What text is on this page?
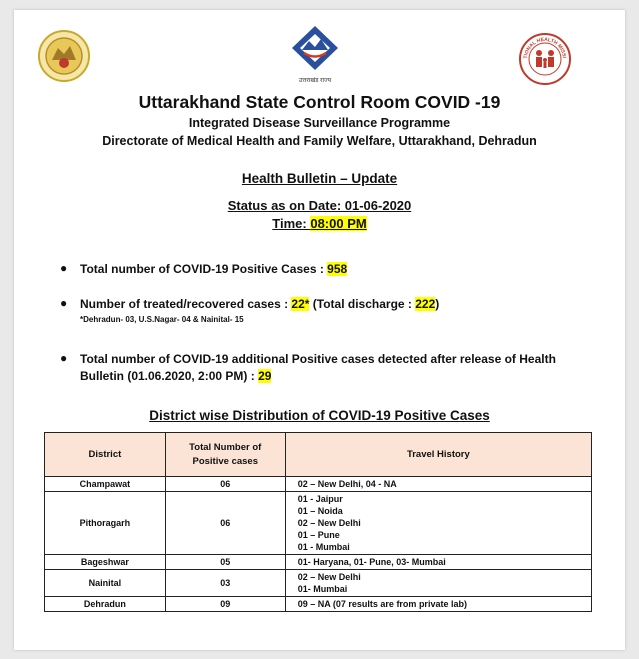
उत्तराखंड राज्य
TIONAL HEALTH MISSI
Uttarakhand State Control Room COVID -19
Integrated Disease Surveillance Programme
Directorate of Medical Health and Family Welfare, Uttarakhand, Dehradun
Health Bulletin – Update
Status as on Date: 01-06-2020
Time: 08:00 PM
● Total number of COVID-19 Positive Cases : 958
● Number of treated/recovered cases : 22* (Total discharge : 222)
*Dehradun- 03, U.S.Nagar- 04 & Nainital- 15
● Total number of COVID-19 additional Positive cases detected after release of Health Bulletin (01.06.2020, 2:00 PM) : 29
District wise Distribution of COVID-19 Positive Cases
District	Total Number of Positive cases	Travel History
Champawat	06	02 – New Delhi, 04 - NA

Pithoragarh	06	01 - Jaipur
01 – Noida
02 – New Delhi
01 – Pune
01 - Mumbai

Bageshwar	05	01- Haryana, 01- Pune, 03- Mumbai

Nainital	03	02 – New Delhi
01- Mumbai

Dehradun	09	09 – NA (07 results are from private lab)
